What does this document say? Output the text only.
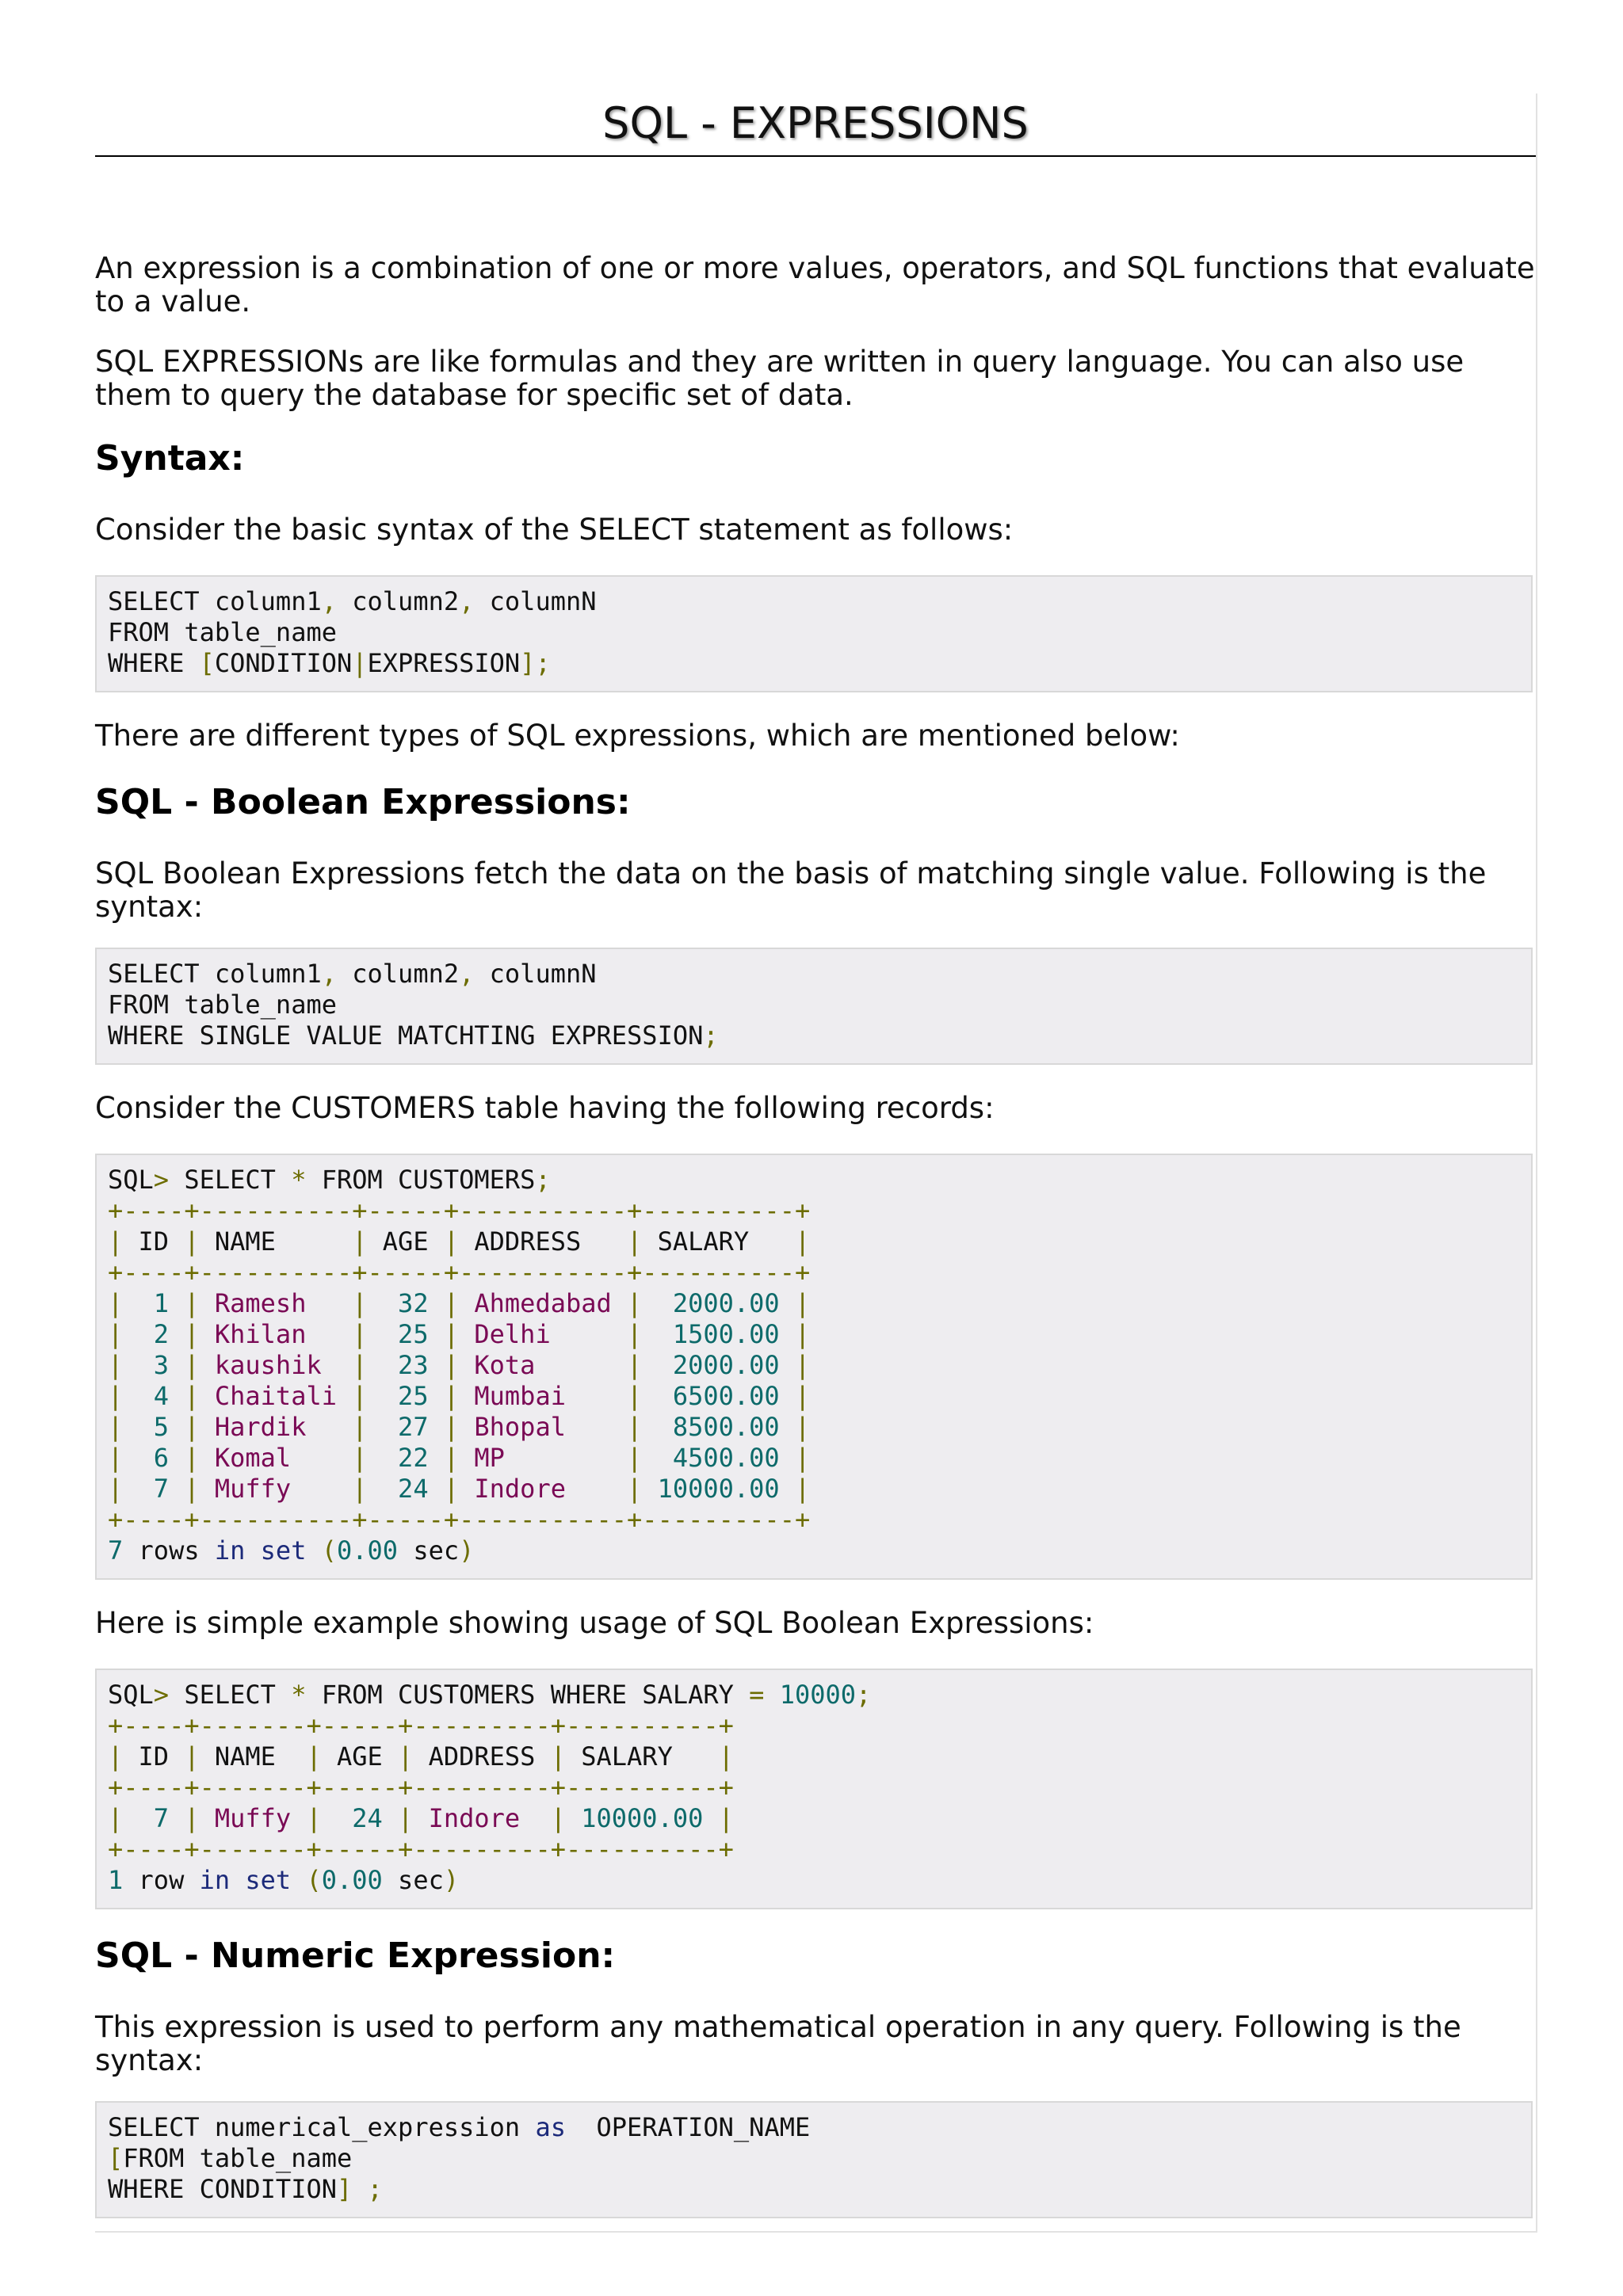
SQL - EXPRESSIONS

An expression is a combination of one or more values, operators, and SQL functions that evaluate to a value.

SQL EXPRESSIONs are like formulas and they are written in query language. You can also use them to query the database for specific set of data.

Syntax:

Consider the basic syntax of the SELECT statement as follows:

SELECT column1, column2, columnN
FROM table_name
WHERE [CONDITION|EXPRESSION];

There are different types of SQL expressions, which are mentioned below:

SQL - Boolean Expressions:

SQL Boolean Expressions fetch the data on the basis of matching single value. Following is the syntax:

SELECT column1, column2, columnN
FROM table_name
WHERE SINGLE VALUE MATCHTING EXPRESSION;

Consider the CUSTOMERS table having the following records:

SQL> SELECT * FROM CUSTOMERS;
+----+----------+-----+-----------+----------+
| ID | NAME     | AGE | ADDRESS   | SALARY   |
+----+----------+-----+-----------+----------+
| 1 | Ramesh | 32 | Ahmedabad | 2000.00 |
| 2 | Khilan | 25 | Delhi	| 1500.00 |
| 3 | kaushik | 23 | Kota	| 2000.00 |
| 4 | Chaitali | 25 | Mumbai | 6500.00 |
| 5 | Hardik | 27 | Bhopal | 8500.00 |
| 6 | Komal | 22 | MP	| 4500.00 |
| 7 | Muffy | 24 | Indore | 10000.00 |
+----+----------+-----+-----------+----------+
7 rows in set (0.00 sec)

Here is simple example showing usage of SQL Boolean Expressions:

SQL> SELECT * FROM CUSTOMERS WHERE SALARY = 10000;
+----+-------+-----+---------+----------+
| ID | NAME  | AGE | ADDRESS | SALARY   |
+----+-------+-----+---------+----------+
| 7 | Muffy | 24 | Indore | 10000.00 |
+----+-------+-----+---------+----------+
1 row in set (0.00 sec)
SQL - Numeric Expression:

This expression is used to perform any mathematical operation in any query. Following is the syntax:

SELECT numerical_expression as  OPERATION_NAME
[FROM table_name
WHERE CONDITION] ;
